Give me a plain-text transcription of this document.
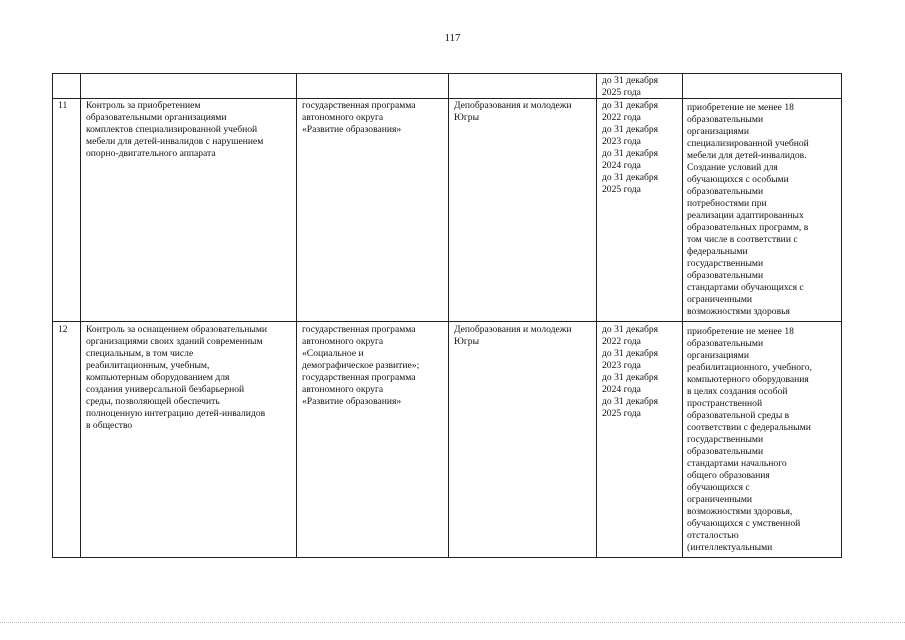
117
до 31 декабря
2025 года
11 Контроль за приобретением
образовательными организациями
комплектов специализированной учебной
мебели для детей-инвалидов с нарушением
опорно-двигательного аппарата
государственная программа
автономного округа
«Развитие образования»
Депобразования и молодежи
Югры
до 31 декабря
2022 года
до 31 декабря
2023 года
до 31 декабря
2024 года
до 31 декабря
2025 года
приобретение не менее 18
образовательными
организациями
специализированной учебной
мебели для детей-инвалидов.
Создание условий для
обучающихся с особыми
образовательными
потребностями при
реализации адаптированных
образовательных программ, в
том числе в соответствии с
федеральными
государственными
образовательными
стандартами обучающихся с
ограниченными
возможностями здоровья
12 Контроль за оснащением образовательными
организациями своих зданий современным
специальным, в том числе
реабилитационным, учебным,
компьютерным оборудованием для
создания универсальной безбарьерной
среды, позволяющей обеспечить
полноценную интеграцию детей-инвалидов
в общество
государственная программа
автономного округа
«Социальное и
демографическое развитие»;
государственная программа
автономного округа
«Развитие образования»
Депобразования и молодежи
Югры
до 31 декабря
2022 года
до 31 декабря
2023 года
до 31 декабря
2024 года
до 31 декабря
2025 года
приобретение не менее 18
образовательными
организациями
реабилитационного, учебного,
компьютерного оборудования
в целях создания особой
пространственной
образовательной среды в
соответствии с федеральными
государственными
образовательными
стандартами начального
общего образования
обучающихся с
ограниченными
возможностями здоровья,
обучающихся с умственной
отсталостью
(интеллектуальными
